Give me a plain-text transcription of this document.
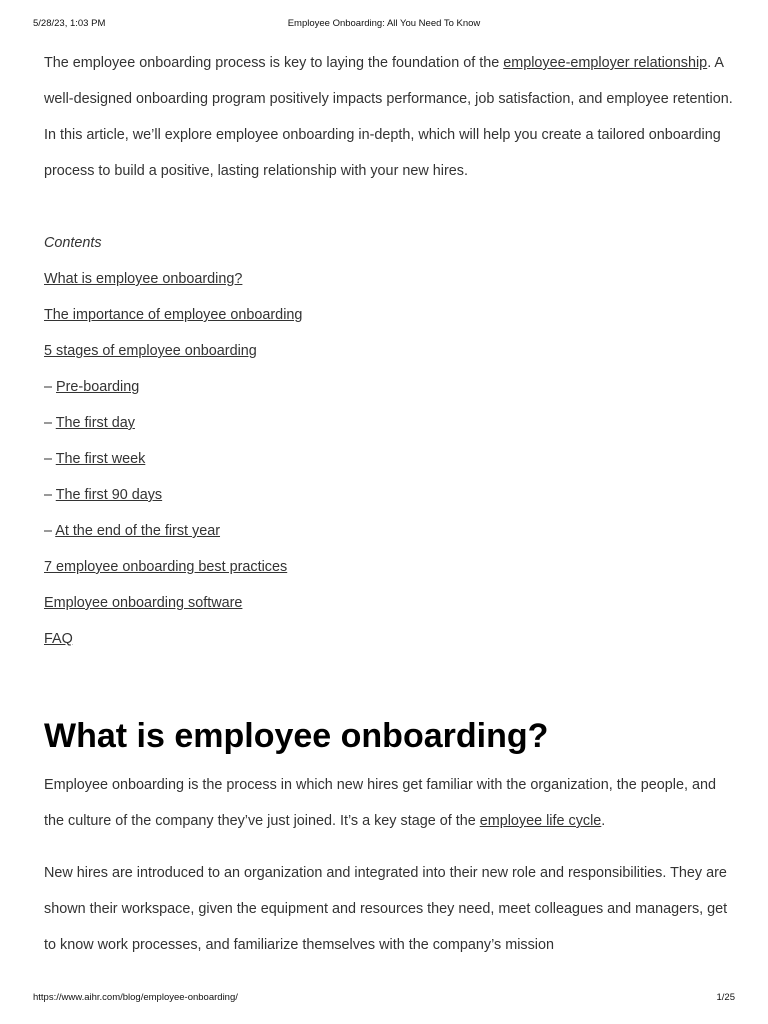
5/28/23, 1:03 PM	Employee Onboarding: All You Need To Know

The employee onboarding process is key to laying the foundation of the employee-employer relationship. A well-designed onboarding program positively impacts performance, job satisfaction, and employee retention. In this article, we’ll explore employee onboarding in-depth, which will help you create a tailored onboarding process to build a positive, lasting relationship with your new hires.

Contents

What is employee onboarding?
The importance of employee onboarding
5 stages of employee onboarding
– Pre-boarding
– The first day
– The first week
– The first 90 days
– At the end of the first year
7 employee onboarding best practices
Employee onboarding software
FAQ
What is employee onboarding?

Employee onboarding is the process in which new hires get familiar with the organization, the people, and the culture of the company they’ve just joined. It’s a key stage of the employee life cycle.

New hires are introduced to an organization and integrated into their new role and responsibilities. They are shown their workspace, given the equipment and resources they need, meet colleagues and managers, get to know work processes, and familiarize themselves with the company’s mission

https://www.aihr.com/blog/employee-onboarding/	1/25
